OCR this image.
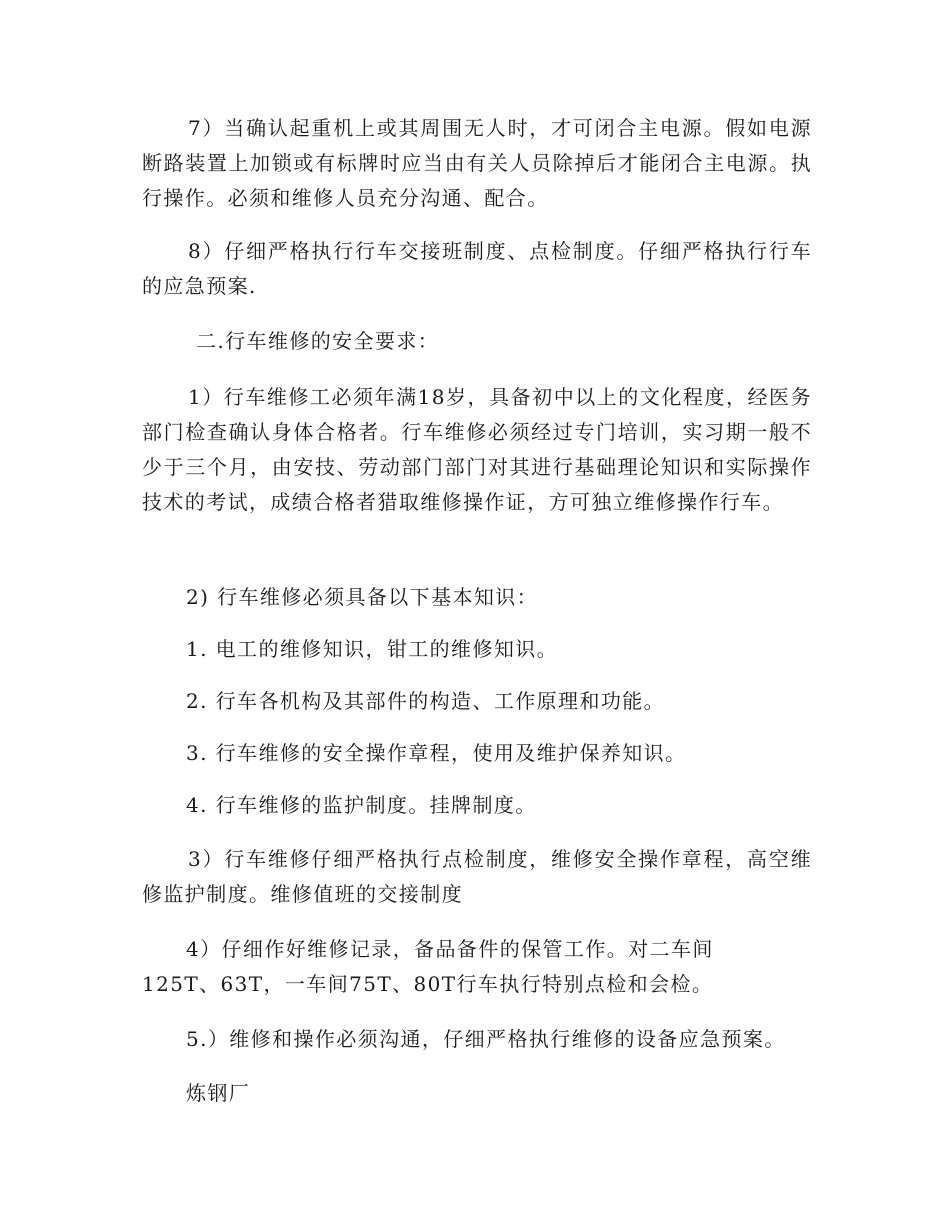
7）当确认起重机上或其周围无人时，才可闭合主电源。假如电源断路装置上加锁或有标牌时应当由有关人员除掉后才能闭合主电源。执行操作。必须和维修人员充分沟通、配合。

8）仔细严格执行行车交接班制度、点检制度。仔细严格执行行车的应急预案.

二.行车维修的安全要求：

1）行车维修工必须年满18岁，具备初中以上的文化程度，经医务部门检查确认身体合格者。行车维修必须经过专门培训，实习期一般不少于三个月，由安技、劳动部门部门对其进行基础理论知识和实际操作技术的考试，成绩合格者猎取维修操作证，方可独立维修操作行车。

2) 行车维修必须具备以下基本知识：

1. 电工的维修知识，钳工的维修知识。

2. 行车各机构及其部件的构造、工作原理和功能。

3. 行车维修的安全操作章程，使用及维护保养知识。

4. 行车维修的监护制度。挂牌制度。

3）行车维修仔细严格执行点检制度，维修安全操作章程，高空维修监护制度。维修值班的交接制度

4）仔细作好维修记录，备品备件的保管工作。对二车间

125T、63T，一车间75T、80T行车执行特别点检和会检。

5.）维修和操作必须沟通，仔细严格执行维修的设备应急预案。

炼钢厂
